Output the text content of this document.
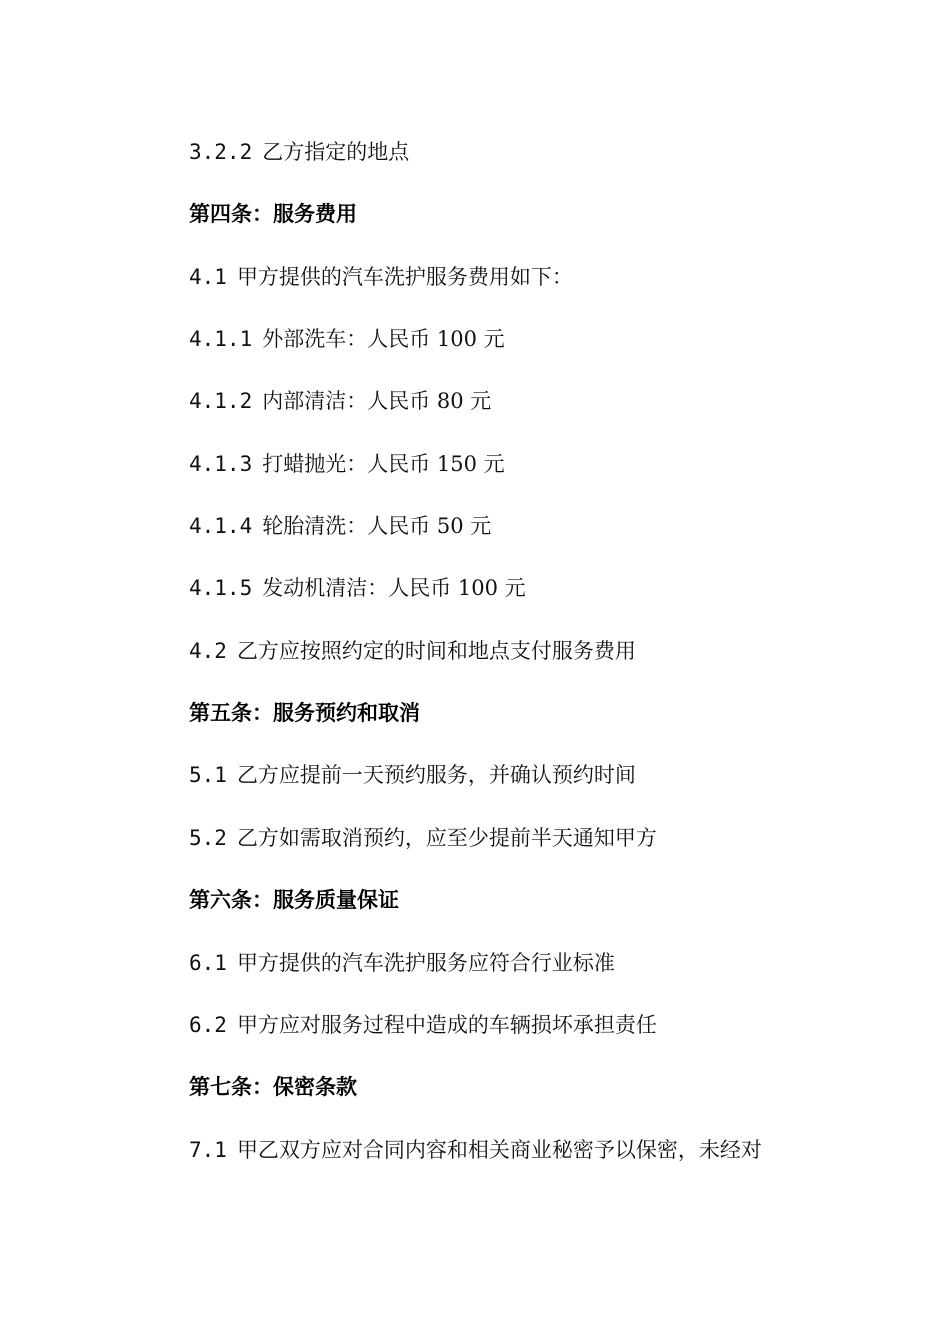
3.2.2 乙方指定的地点
第四条：服务费用
4.1 甲方提供的汽车洗护服务费用如下：
4.1.1 外部洗车：人民币 100 元
4.1.2 内部清洁：人民币 80 元
4.1.3 打蜡抛光：人民币 150 元
4.1.4 轮胎清洗：人民币 50 元
4.1.5 发动机清洁：人民币 100 元
4.2 乙方应按照约定的时间和地点支付服务费用
第五条：服务预约和取消
5.1 乙方应提前一天预约服务，并确认预约时间
5.2 乙方如需取消预约，应至少提前半天通知甲方
第六条：服务质量保证
6.1 甲方提供的汽车洗护服务应符合行业标准
6.2 甲方应对服务过程中造成的车辆损坏承担责任
第七条：保密条款
7.1 甲乙双方应对合同内容和相关商业秘密予以保密，未经对
